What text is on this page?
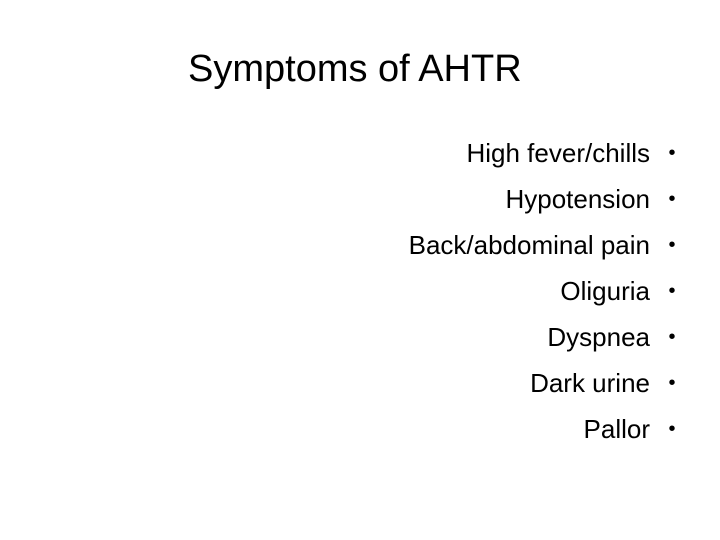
Symptoms of AHTR
High fever/chills •
Hypotension •
Back/abdominal pain •
Oliguria •
Dyspnea •
Dark urine •
Pallor •
